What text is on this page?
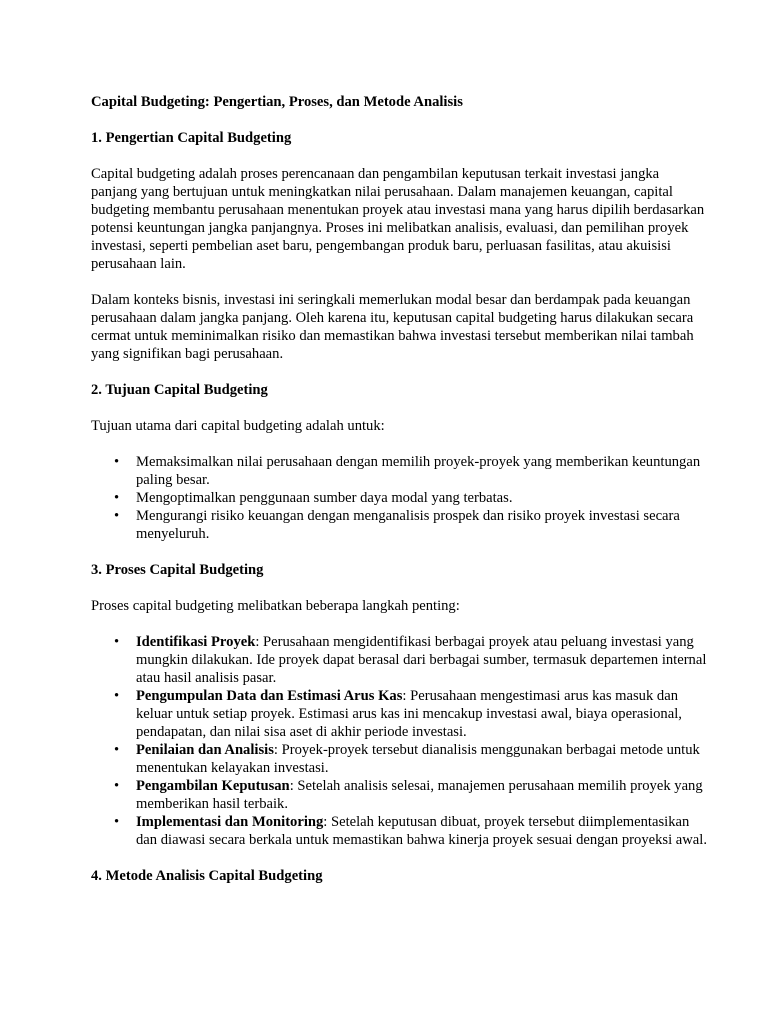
Capital Budgeting: Pengertian, Proses, dan Metode Analisis
1. Pengertian Capital Budgeting

Capital budgeting adalah proses perencanaan dan pengambilan keputusan terkait investasi jangka panjang yang bertujuan untuk meningkatkan nilai perusahaan. Dalam manajemen keuangan, capital budgeting membantu perusahaan menentukan proyek atau investasi mana yang harus dipilih berdasarkan potensi keuntungan jangka panjangnya. Proses ini melibatkan analisis, evaluasi, dan pemilihan proyek investasi, seperti pembelian aset baru, pengembangan produk baru, perluasan fasilitas, atau akuisisi perusahaan lain.

Dalam konteks bisnis, investasi ini seringkali memerlukan modal besar dan berdampak pada keuangan perusahaan dalam jangka panjang. Oleh karena itu, keputusan capital budgeting harus dilakukan secara cermat untuk meminimalkan risiko dan memastikan bahwa investasi tersebut memberikan nilai tambah yang signifikan bagi perusahaan.

2. Tujuan Capital Budgeting

Tujuan utama dari capital budgeting adalah untuk:

• Memaksimalkan nilai perusahaan dengan memilih proyek-proyek yang memberikan keuntungan paling besar.
• Mengoptimalkan penggunaan sumber daya modal yang terbatas.
• Mengurangi risiko keuangan dengan menganalisis prospek dan risiko proyek investasi secara menyeluruh.
3. Proses Capital Budgeting

Proses capital budgeting melibatkan beberapa langkah penting:

• Identifikasi Proyek: Perusahaan mengidentifikasi berbagai proyek atau peluang investasi yang mungkin dilakukan. Ide proyek dapat berasal dari berbagai sumber, termasuk departemen internal atau hasil analisis pasar.
• Pengumpulan Data dan Estimasi Arus Kas: Perusahaan mengestimasi arus kas masuk dan keluar untuk setiap proyek. Estimasi arus kas ini mencakup investasi awal, biaya operasional, pendapatan, dan nilai sisa aset di akhir periode investasi.
• Penilaian dan Analisis: Proyek-proyek tersebut dianalisis menggunakan berbagai metode untuk menentukan kelayakan investasi.
• Pengambilan Keputusan: Setelah analisis selesai, manajemen perusahaan memilih proyek yang memberikan hasil terbaik.
• Implementasi dan Monitoring: Setelah keputusan dibuat, proyek tersebut diimplementasikan dan diawasi secara berkala untuk memastikan bahwa kinerja proyek sesuai dengan proyeksi awal.
4. Metode Analisis Capital Budgeting
